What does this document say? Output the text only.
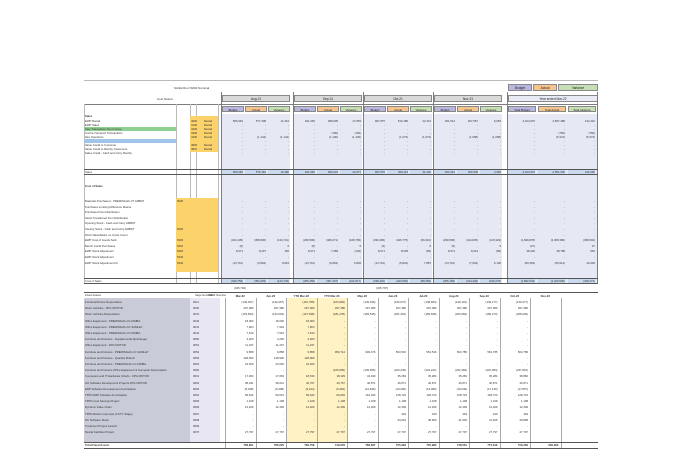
SAGE Run IS002 Nominal
Cost Nature
Budget	Actual	Variance
Aug-21
Budget	Actual	Variance
Sep-21
Budget	Actual	Variance
Oct-21
Budget	Actual	Variance
Nov-21
Budget	Actual	Variance	Total Budget	Total Actual	Total Variance
Year ended Mar-22
Sales
EWP Rental	4000 Rental	565,964	577,308	11,344	461,052	488,905	27,853	487,876	510,189	22,313	461,514	467,567	6,053	2,424,970	2,557,386	132,416
EWP Sales	4100 Rental	-	-	-	-	-	-	-	-	-	-	-	-	-	-	-
Inter Transaction Non Income	4200 Rental	-	-	-	-	-	-	-	-	-	-	-	-	-	-	-
Contra Transport Transactions	4300 Rental	-	-	-	-	(782)	(782)	-	-	-	-	-	-	-	(782)	(782)
Hire Operators	4400 Rental	-	(1,144)	(1,144)	-	(1,100)	(1,100)	-	(1,073)	(1,073)	-	(1,058)	(1,058)	-	(5,374)	(5,374)
-	-	-	-	-	-	-	-	-	-	-	-	-	-	-
Value Credit to Customer	4800 Rental	-	-	-	-	-	-	-	-	-	-	-	-	-	-	-
Value Credit to Rentby Customers	4810 Rental	-	-	-	-	-	-	-	-	-	-	-	-	-	-	-
Sales Credit - Cash and Carry Rentby	-	-	-	-	-	-	-	-	-	-	-	-	-	-	-
Sales	565,684	576,164	10,480	461,052	486,023	24,971	487,876	509,116	21,240	461,514	466,509	4,995	2,424,970	2,551,230	126,260
Cost of Sales
Materials Purchased - PREMINAHC-VT AMBAT	5000	-	-	-	-	-	-	-	-	-	-	-	-	-	-	-
Purchases Limiting Difference Mainte	-	-	-	-	-	-	-	-	-	-	-	-	-	-	-
Purchased from Distribution	-	-	-	-	-	-	-	-	-	-	-	-	-	-	-
Stock Transferred from Distribution	-	-	-	-	-	-	-	-	-	-	-	-	-	-	-
Opening Stock - Cash and Carry AMBAT	-	-	-	-	-	-	-	-	-	-	-	-	-	-	-
Closing Stock - Cash and Carry AMBAT	5200	-	-	-	-	-	-	-	-	-	-	-	-	-	-	-
Work Value/Mains on Costs Count	-	-	-	-	-	-	-	-	-	-	-	-	-	-	-
EWP Cost of Goods Sold	5300	(324,105)	(458,836)	(134,731)	(299,506)	(408,271)	(108,765)	(330,465)	(426,775)	(96,310)	(299,506)	(414,835)	(115,329)	(1,849,878)	(2,308,380)	(458,502)
Bench Credit Purchases	5310	(6)	-	6	(5)	-	5	(6)	-	6	(5)	-	5	(27)	-	27
EWP Stock Adjustment	5320	8,071	8,237	166	8,071	7,968	(103)	8,071	8,005	(66)	8,071	8,013	(58)	38,226	38,788	562
EWP Stock Adjustment	5330	-	-	-	-	-	-	-	-	-	-	-	-	-	-	-
EWP Stock Adjustment Dv	5340	(13,710)	(3,894)	9,816	(13,710)	(6,864)	6,846	(13,710)	(5,823)	7,887	(13,710)	(7,604)	6,106	(80,353)	(50,914)	29,439
Cost of Sales	(329,750)	(454,493)	(124,743)	(305,150)	(407,167)	(102,017)	(336,110)	(424,593)	(88,483)	(305,150)	(414,426)	(109,276)	(1,892,032)	(2,320,506)	(428,474)
(325,792)	(325,797)
Fixed Assets	Sage Nominal
IS002 Nominal	Mar-22	Apr-22	YTD Mar-22	YTD Mar-23	May-23	Jun-23	Jul-23	Aug-23	Sep-23	Oct-23	Nov-23
Furniture/Fixture Depreciation	0011	(149,467)	(149,467)	(161,788)	(164,666)	(149,466)	(166,637)	(148,684)	(149,191)	(149,177)	(149,477)
Motor Vehicles - FPG MOTOR	0030	297,380	297,380	297,380	297,380	297,380	297,380	297,380	297,380	297,380	297,380
Motor Vehicles Depreciation	0031	(133,694)	(133,694)	(127,698)	(181,278)	(183,525)	(181,491)	(183,668)	(183,684)	(186,273)	(208,093)
Office Equipment - PREMINAHC-CC DIMBA	0040	18,000	18,000	18,000	-	-	-	-	-	-	-
Office Equipment - PREMINAHC-CC SAMLEY	0041	7,904	7,904	7,904	-	-	-	-	-	-	-
Office Equipment - PREMINAHC-CC DIMBA	0042	7,610	7,610	7,610	-	-	-	-	-	-	-
Furniture and Fixtures - Supplemental (Exchange)	0050	4,200	4,200	4,200	-	-	-	-	-	-	-
Office Equipment - FPG MOTOR	0051	11,237	11,237	11,237	-	-	-	-	-	-	-
Furniture and Fixtures - PREMINAHC-CC SAMLEY	0052	9,858	9,858	9,858	950,714	900,476	563,516	563,516	563,785	563,785	563,785
Furniture and Fixtures - Quantity Branch	0053	148,900	148,900	148,900	-	-	-	-	-	-	-
Furniture and Fixtures - PREMINAHC-CC DIMBA	0054	24,520	24,520	24,520	-	-	-	-	-	-	-
Furniture and Fixtures Office Equipment & Computer Depreciation	0060	-	-	-	(105,656)	(105,656)	(223,245)	(223,241)	(232,384)	(232,384)	(237,816)
Computers and IT Hardware Infra/G - FPG MOTOR	0061	17,063	17,063	18,516	18,129	34,949	35,284	35,284	35,284	35,284	38,882
HO Software Development Projects FPG MOTOR	0062	38,041	38,041	40,767	40,767	46,871	46,871	46,871	46,871	46,871	46,871
ERP Software Development Amortisation	0063	(8,498)	(8,498)	(9,104)	(9,462)	(10,849)	(10,296)	(16,089)	(16,649)	(17,149)	(17,857)
TPPG ERP Software Amortisation	0064	59,643	59,643	59,643	84,049	144,333	128,723	128,723	128,723	128,723	128,723
TPPG Cost Savings Project	0065	1,108	1,108	1,108	1,108	1,108	1,108	1,108	1,108	1,108	1,108
Dynamic Value Chain	0066	12,409	12,409	12,409	12,409	12,409	12,409	12,409	12,409	12,409	12,409
TPPG Barrier Improved (CCTV Stage)	0067	-	-	-	-	-	449	449	449	449	449
DC Software Stack	0068	-	-	-	-	-	34,644	38,600	41,625	41,625	29,898
Treatment Project Launch	0069	-	-	-	-	-	-	-	-	-	-
Rental Facilities Project	0070	27,797	27,797	27,797	27,797	27,797	27,797	27,797	27,797	27,797	27,797
Total Fixed Assets	758,801	786,025	782,758	749,978	789,697	725,963	725,980	748,561	772,616	706,239	690,952
